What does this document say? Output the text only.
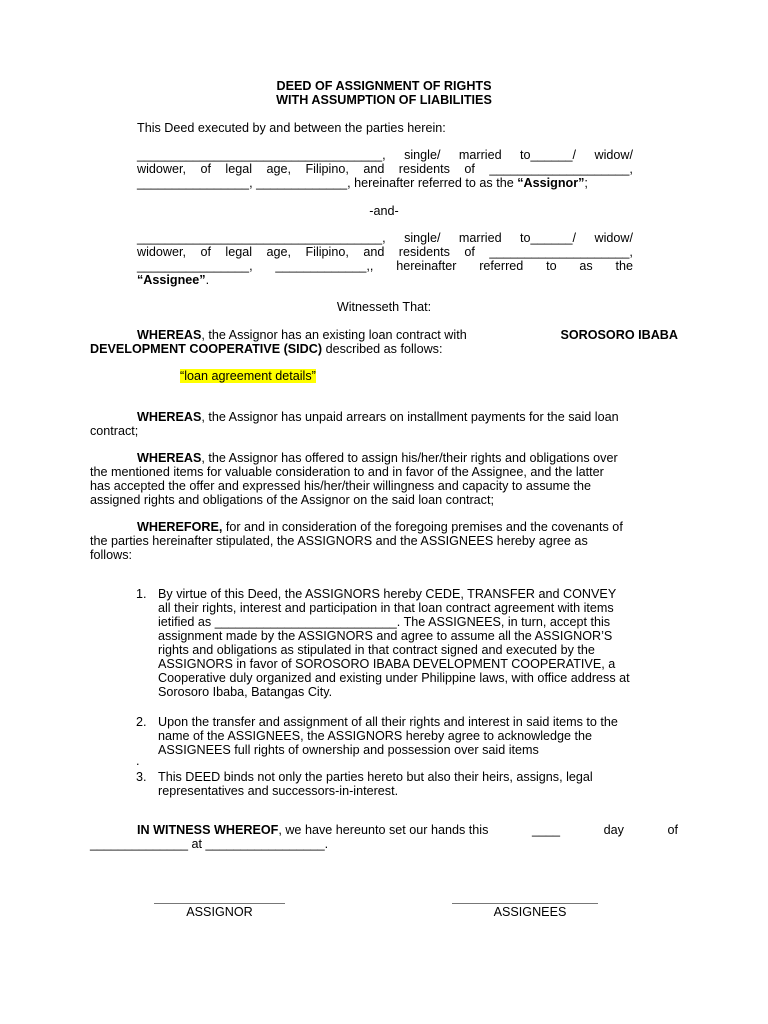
DEED OF ASSIGNMENT OF RIGHTS
WITH ASSUMPTION OF LIABILITIES
This Deed executed by and between the parties herein:
___________________________________, single/ married to______/ widow/
widower, of legal age, Filipino, and residents of ____________________,
________________, _____________, hereinafter referred to as the “Assignor”;
-and-
___________________________________, single/ married to______/ widow/
widower, of legal age, Filipino, and residents of ____________________,
________________, _____________,, hereinafter referred to as the
“Assignee”.
Witnesseth That:
WHEREAS, the Assignor has an existing loan contract with	SOROSORO IBABA
DEVELOPMENT COOPERATIVE (SIDC) described as follows:
“loan agreement details”
WHEREAS, the Assignor has unpaid arrears on installment payments for the said loan
contract;
WHEREAS, the Assignor has offered to assign his/her/their rights and obligations over
the mentioned items for valuable consideration to and in favor of the Assignee, and the latter
has accepted the offer and expressed his/her/their willingness and capacity to assume the
assigned rights and obligations of the Assignor on the said loan contract;
WHEREFORE, for and in consideration of the foregoing premises and the covenants of
the parties hereinafter stipulated, the ASSIGNORS and the ASSIGNEES hereby agree as
follows:
1. By virtue of this Deed, the ASSIGNORS hereby CEDE, TRANSFER and CONVEY
all their rights, interest and participation in that loan contract agreement with items
ietified as __________________________. The ASSIGNEES, in turn, accept this
assignment made by the ASSIGNORS and agree to assume all the ASSIGNOR’S
rights and obligations as stipulated in that contract signed and executed by the
ASSIGNORS in favor of SOROSORO IBABA DEVELOPMENT COOPERATIVE, a
Cooperative duly organized and existing under Philippine laws, with office address at
Sorosoro Ibaba, Batangas City.
2. Upon the transfer and assignment of all their rights and interest in said items to the
name of the ASSIGNEES, the ASSIGNORS hereby agree to acknowledge the
ASSIGNEES full rights of ownership and possession over said items
.
3. This DEED binds not only the parties hereto but also their heirs, assigns, legal
representatives and successors-in-interest.
IN WITNESS WHEREOF, we have hereunto set our hands this	____	day	of
______________ at _________________.
ASSIGNOR	ASSIGNEES
